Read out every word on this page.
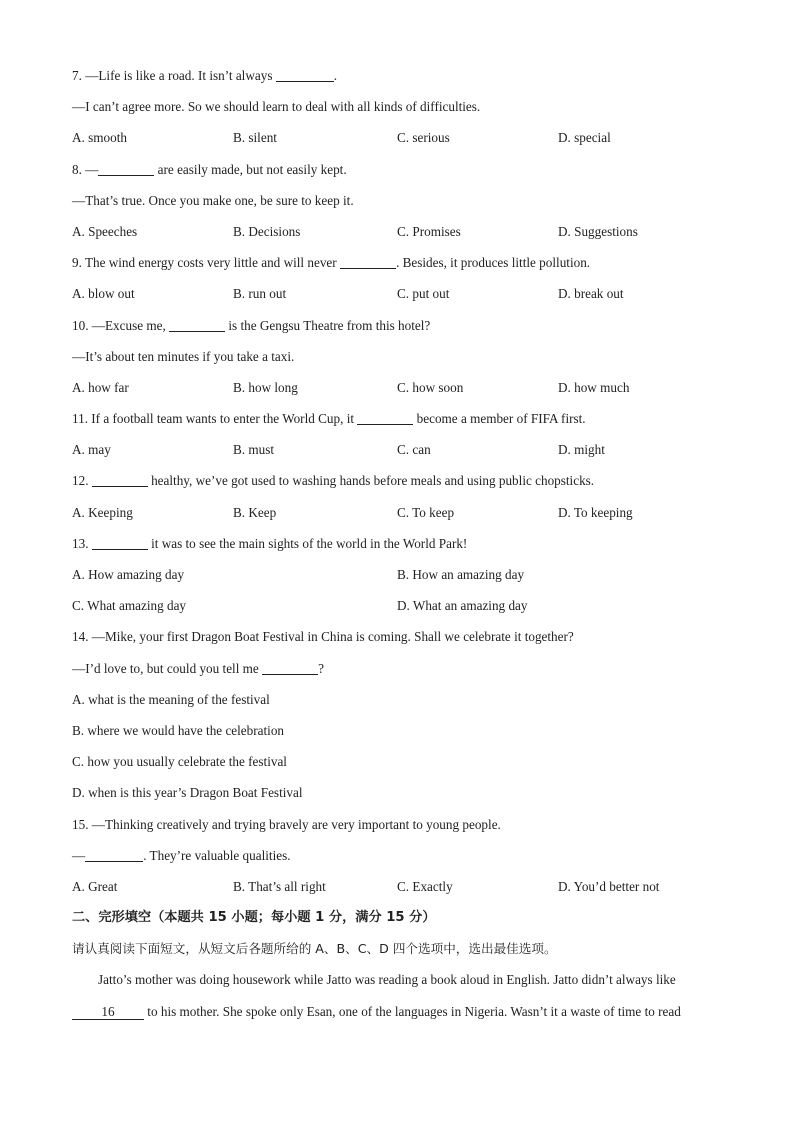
7. —Life is like a road. It isn’t always	.
—I can’t agree more. So we should learn to deal with all kinds of difficulties.
A. smooth	B. silent	C. serious	D. special
8. —	are easily made, but not easily kept.
—That’s true. Once you make one, be sure to keep it.
A. Speeches	B. Decisions	C. Promises	D. Suggestions
9. The wind energy costs very little and will never	. Besides, it produces little pollution.
A. blow out	B. run out	C. put out	D. break out
10. —Excuse me,	is the Gengsu Theatre from this hotel?
—It’s about ten minutes if you take a taxi.
A. how far	B. how long	C. how soon	D. how much
11. If a football team wants to enter the World Cup, it	become a member of FIFA first.
A. may	B. must	C. can	D. might
12.	healthy, we’ve got used to washing hands before meals and using public chopsticks.
A. Keeping	B. Keep	C. To keep	D. To keeping
13.	it was to see the main sights of the world in the World Park!
A. How amazing day	B. How an amazing day
C. What amazing day	D. What an amazing day
14. —Mike, your first Dragon Boat Festival in China is coming. Shall we celebrate it together?
—I’d love to, but could you tell me	?
A. what is the meaning of the festival
B. where we would have the celebration
C. how you usually celebrate the festival
D. when is this year’s Dragon Boat Festival
15. —Thinking creatively and trying bravely are very important to young people.
—	. They’re valuable qualities.
A. Great	B. That’s all right	C. Exactly	D. You’d better not
二、完形填空（本题共 15 小题；每小题 1 分，满分 15 分）
请认真阅读下面短文，从短文后各题所给的 A、B、C、D 四个选项中，选出最佳选项。
Jatto’s mother was doing housework while Jatto was reading a book aloud in English. Jatto didn’t always like
16 to his mother. She spoke only Esan, one of the languages in Nigeria. Wasn’t it a waste of time to read
